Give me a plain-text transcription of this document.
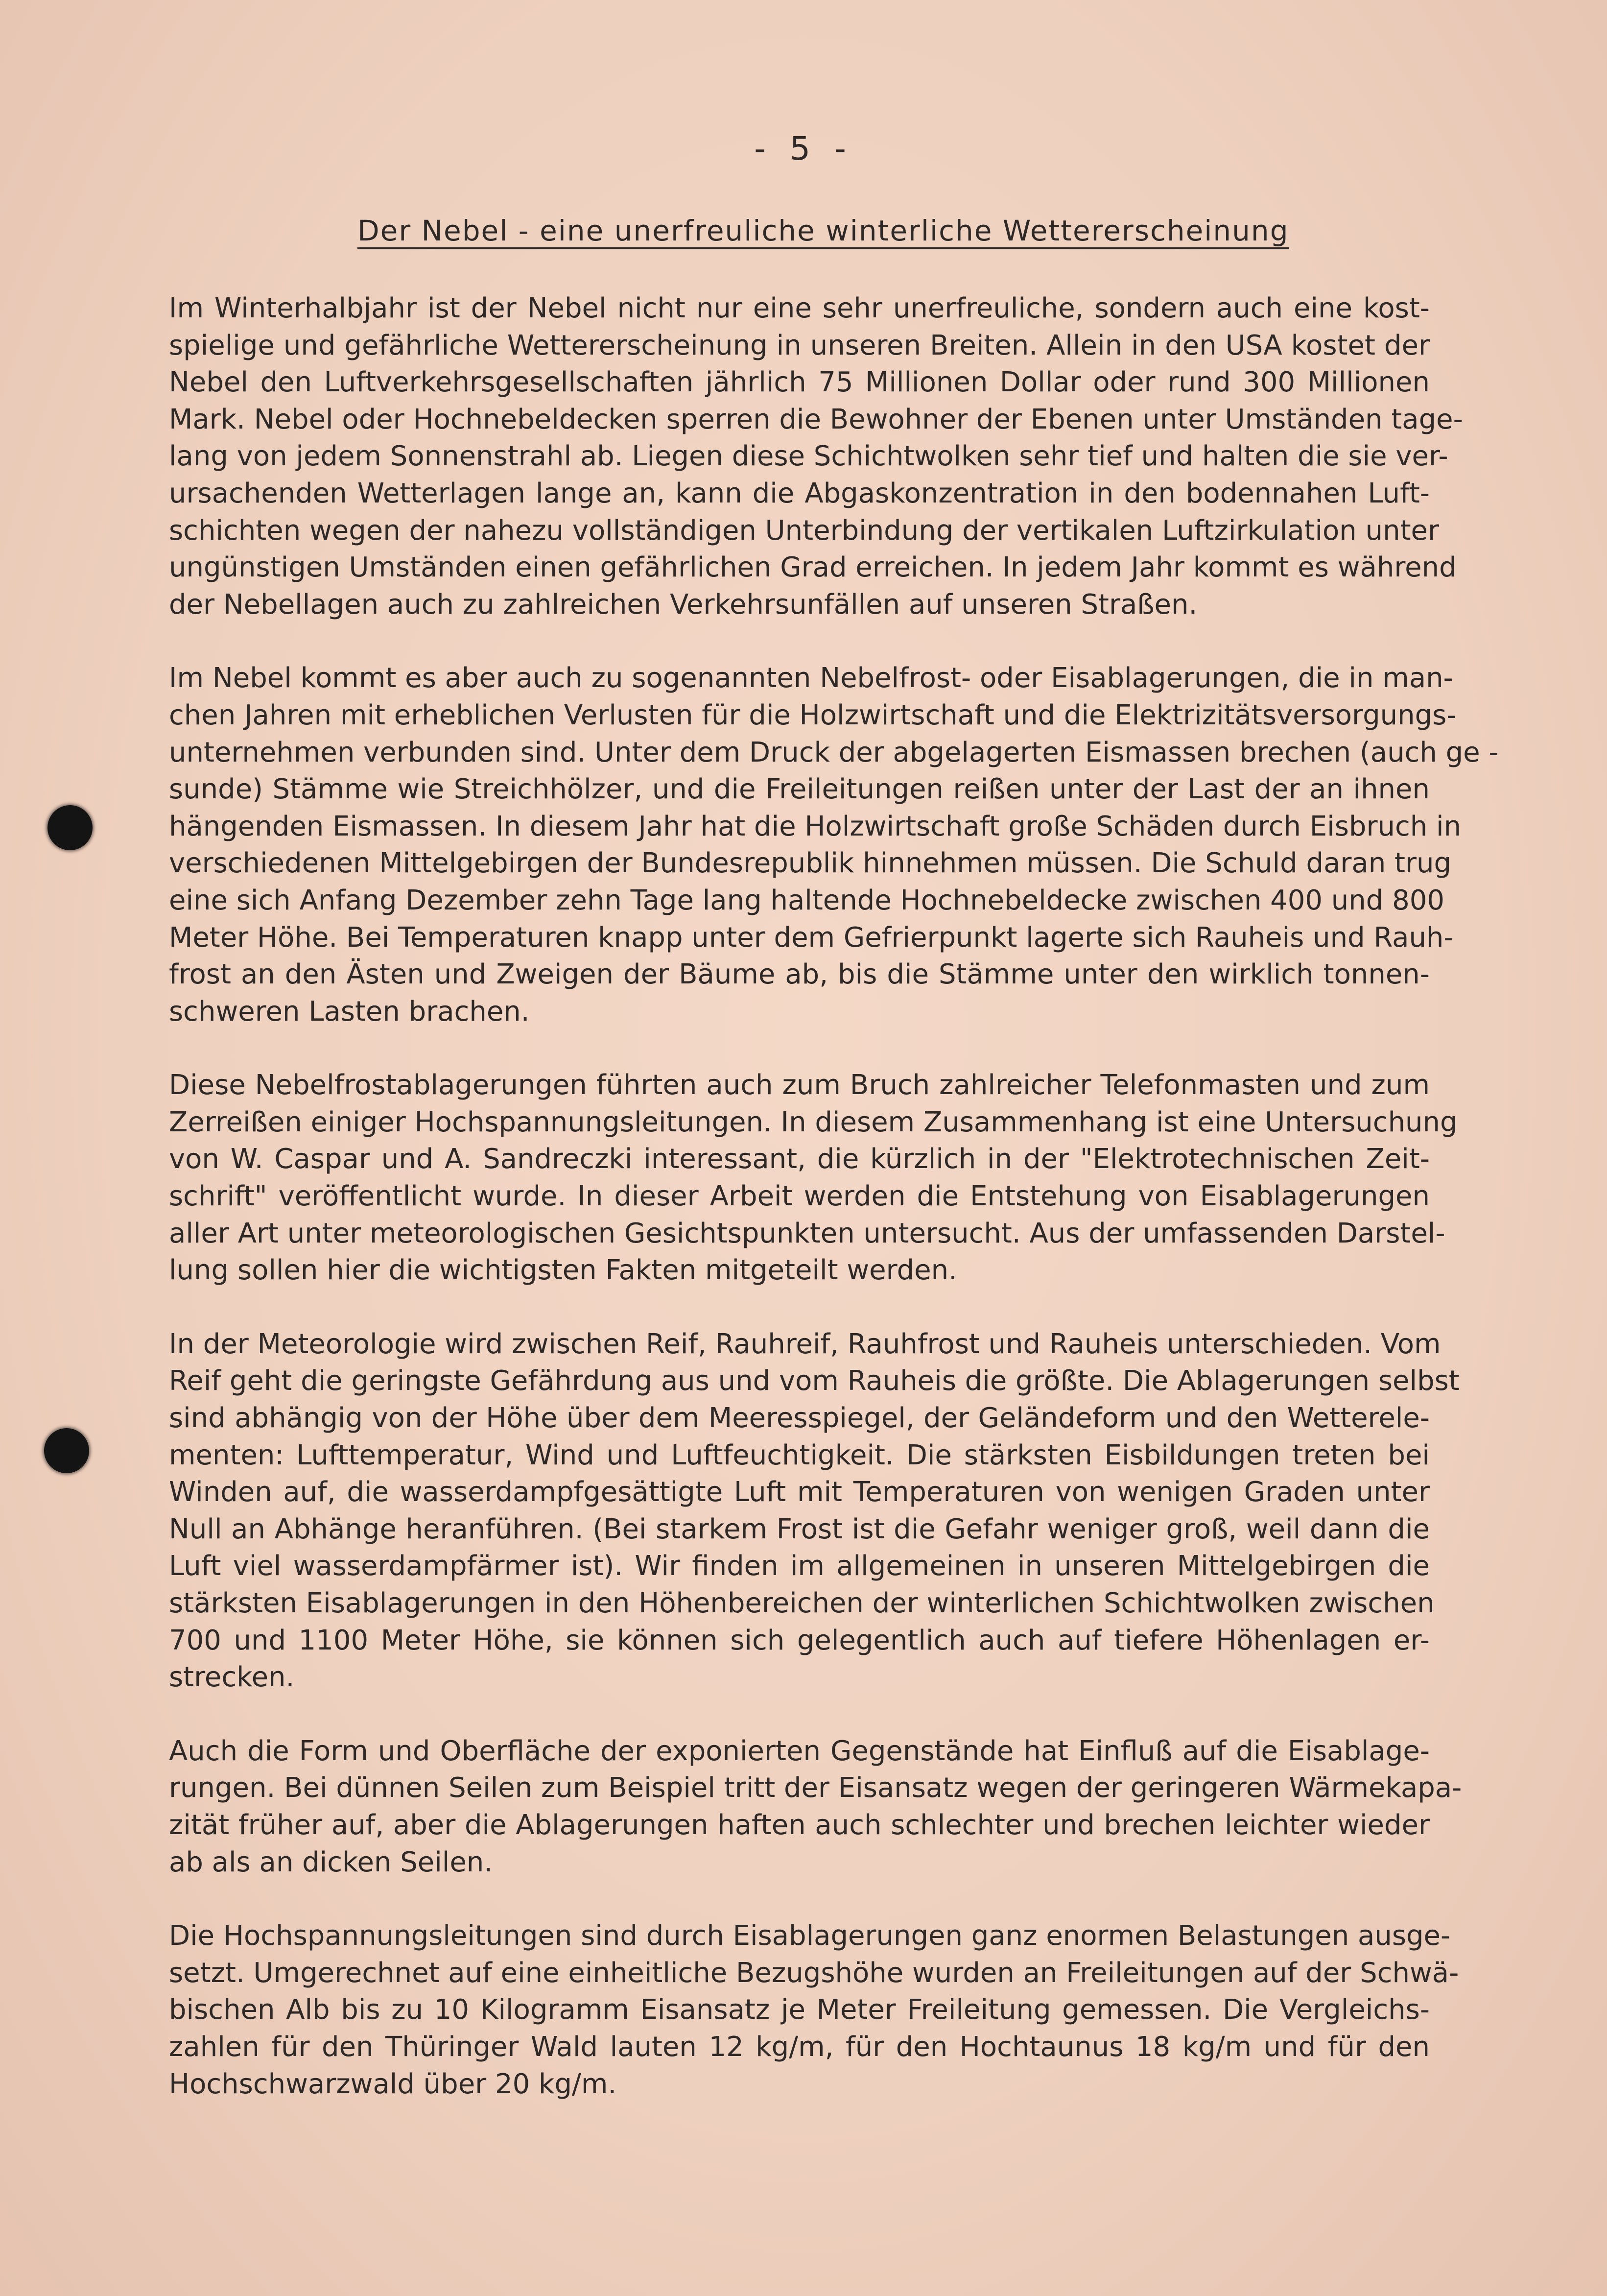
- 5 -
Der Nebel - eine unerfreuliche winterliche Wettererscheinung

Im Winterhalbjahr ist der Nebel nicht nur eine sehr unerfreuliche, sondern auch eine kost-
spielige und gefährliche Wettererscheinung in unseren Breiten. Allein in den USA kostet der
Nebel den Luftverkehrsgesellschaften jährlich 75 Millionen Dollar oder rund 300 Millionen
Mark. Nebel oder Hochnebeldecken sperren die Bewohner der Ebenen unter Umständen tage-
lang von jedem Sonnenstrahl ab. Liegen diese Schichtwolken sehr tief und halten die sie ver-
ursachenden Wetterlagen lange an, kann die Abgaskonzentration in den bodennahen Luft-
schichten wegen der nahezu vollständigen Unterbindung der vertikalen Luftzirkulation unter
ungünstigen Umständen einen gefährlichen Grad erreichen. In jedem Jahr kommt es während
der Nebellagen auch zu zahlreichen Verkehrsunfällen auf unseren Straßen.

Im Nebel kommt es aber auch zu sogenannten Nebelfrost- oder Eisablagerungen, die in man-
chen Jahren mit erheblichen Verlusten für die Holzwirtschaft und die Elektrizitätsversorgungs-
unternehmen verbunden sind. Unter dem Druck der abgelagerten Eismassen brechen (auch ge -
sunde) Stämme wie Streichhölzer, und die Freileitungen reißen unter der Last der an ihnen
hängenden Eismassen. In diesem Jahr hat die Holzwirtschaft große Schäden durch Eisbruch in
verschiedenen Mittelgebirgen der Bundesrepublik hinnehmen müssen. Die Schuld daran trug
eine sich Anfang Dezember zehn Tage lang haltende Hochnebeldecke zwischen 400 und 800
Meter Höhe. Bei Temperaturen knapp unter dem Gefrierpunkt lagerte sich Rauheis und Rauh-
frost an den Ästen und Zweigen der Bäume ab, bis die Stämme unter den wirklich tonnen-
schweren Lasten brachen.

Diese Nebelfrostablagerungen führten auch zum Bruch zahlreicher Telefonmasten und zum
Zerreißen einiger Hochspannungsleitungen. In diesem Zusammenhang ist eine Untersuchung
von W. Caspar und A. Sandreczki interessant, die kürzlich in der "Elektrotechnischen Zeit-
schrift" veröffentlicht wurde. In dieser Arbeit werden die Entstehung von Eisablagerungen
aller Art unter meteorologischen Gesichtspunkten untersucht. Aus der umfassenden Darstel-
lung sollen hier die wichtigsten Fakten mitgeteilt werden.

In der Meteorologie wird zwischen Reif, Rauhreif, Rauhfrost und Rauheis unterschieden. Vom
Reif geht die geringste Gefährdung aus und vom Rauheis die größte. Die Ablagerungen selbst
sind abhängig von der Höhe über dem Meeresspiegel, der Geländeform und den Wetterele-
menten: Lufttemperatur, Wind und Luftfeuchtigkeit. Die stärksten Eisbildungen treten bei
Winden auf, die wasserdampfgesättigte Luft mit Temperaturen von wenigen Graden unter
Null an Abhänge heranführen. (Bei starkem Frost ist die Gefahr weniger groß, weil dann die
Luft viel wasserdampfärmer ist). Wir finden im allgemeinen in unseren Mittelgebirgen die
stärksten Eisablagerungen in den Höhenbereichen der winterlichen Schichtwolken zwischen
700 und 1100 Meter Höhe, sie können sich gelegentlich auch auf tiefere Höhenlagen er-
strecken.

Auch die Form und Oberfläche der exponierten Gegenstände hat Einfluß auf die Eisablage-
rungen. Bei dünnen Seilen zum Beispiel tritt der Eisansatz wegen der geringeren Wärmekapa-
zität früher auf, aber die Ablagerungen haften auch schlechter und brechen leichter wieder
ab als an dicken Seilen.

Die Hochspannungsleitungen sind durch Eisablagerungen ganz enormen Belastungen ausge-
setzt. Umgerechnet auf eine einheitliche Bezugshöhe wurden an Freileitungen auf der Schwä-
bischen Alb bis zu 10 Kilogramm Eisansatz je Meter Freileitung gemessen. Die Vergleichs-
zahlen für den Thüringer Wald lauten 12 kg/m, für den Hochtaunus 18 kg/m und für den
Hochschwarzwald über 20 kg/m.
